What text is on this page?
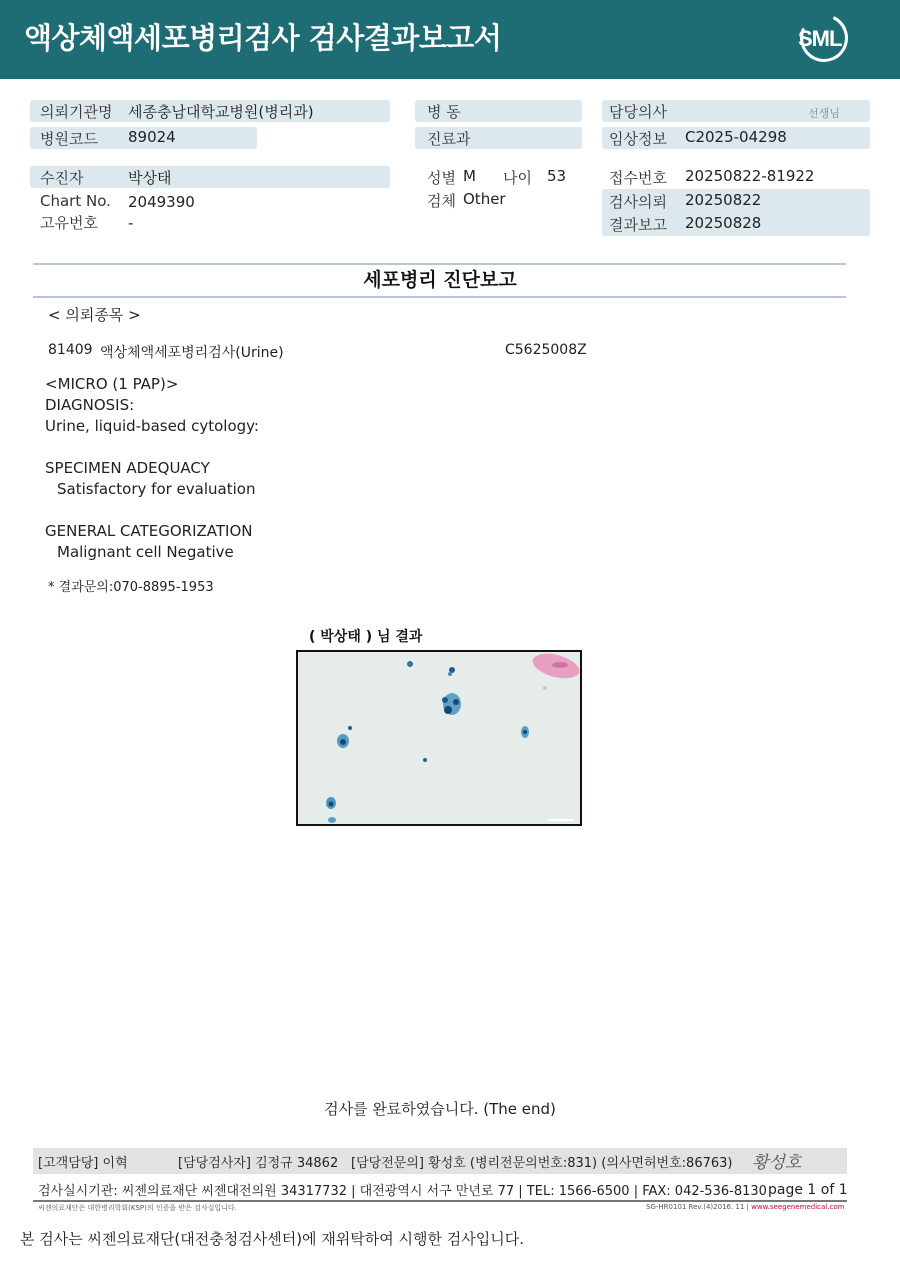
액상체액세포병리검사 검사결과보고서	SML
의뢰기관명 세종충남대학교병원(병리과)
병원코드 89024
수진자	박상태
Chart No. 2049390
고유번호 -
병 동
진료과
성별 M 나이 53
검체 Other
담당의사	선생님
임상정보 C2025-04298
접수번호 20250822-81922
검사의뢰 20250822
결과보고 20250828
세포병리 진단보고
< 의뢰종목 >
81409 액상체액세포병리검사(Urine)	C5625008Z
<MICRO (1 PAP)>
DIAGNOSIS:
Urine, liquid-based cytology:
SPECIMEN ADEQUACY
Satisfactory for evaluation
GENERAL CATEGORIZATION
Malignant cell Negative
* 결과문의:070-8895-1953
( 박상태 ) 님 결과
검사를 완료하였습니다. (The end)
[고객담당] 이혁	[담당검사자] 김정규 34862 [담당전문의] 황성호 (병리전문의번호:831) (의사면허번호:86763) 황성호
검사실시기관: 씨젠의료재단 씨젠대전의원 34317732 | 대전광역시 서구 만년로 77 | TEL: 1566-6500 | FAX: 042-536-8130 page 1 of 1
씨젠의료재단은 대한병리학회(KSP)의 인증을 받은 검사실입니다.	SG-HR0101 Rev.(4)2016. 11 | www.seegenemedical.com
본 검사는 씨젠의료재단(대전충청검사센터)에 재위탁하여 시행한 검사입니다.
